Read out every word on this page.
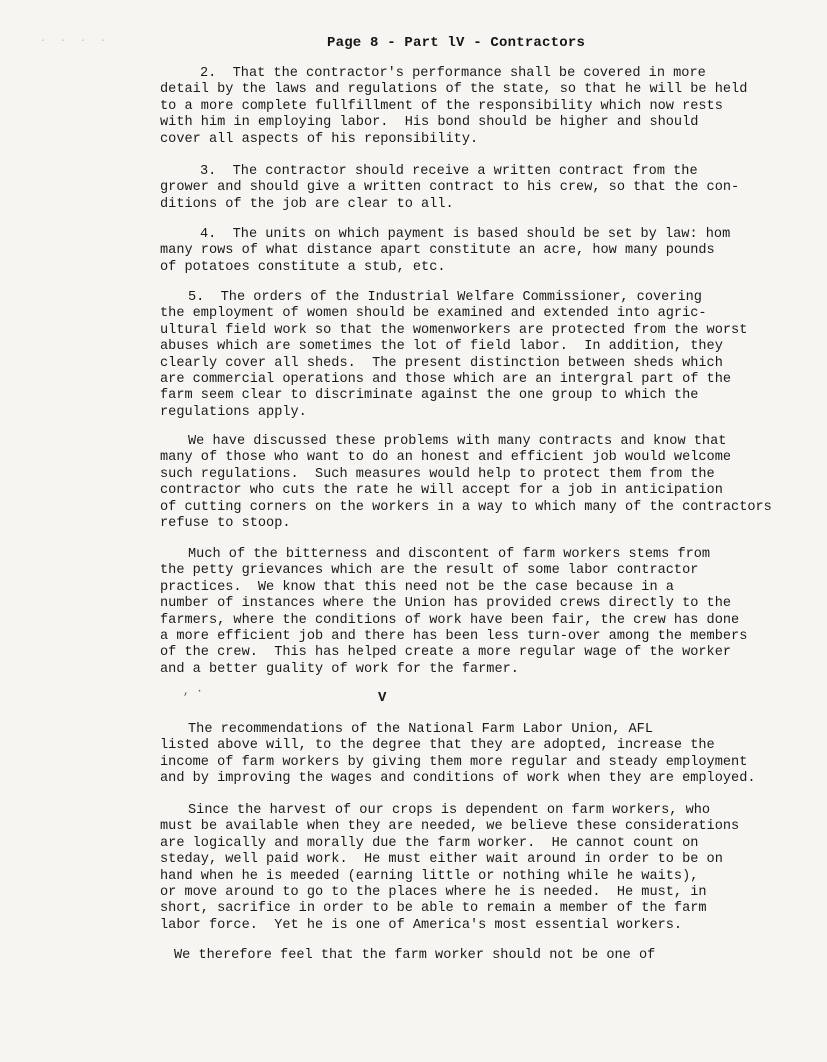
· · · ·	Page 8 - Part lV - Contractors

2.  That the contractor's performance shall be covered in more
detail by the laws and regulations of the state, so that he will be held
to a more complete fullfillment of the responsibility which now rests
with him in employing labor.  His bond should be higher and should
cover all aspects of his reponsibility.

3.  The contractor should receive a written contract from the
grower and should give a written contract to his crew, so that the con-
ditions of the job are clear to all.

4.  The units on which payment is based should be set by law: hom
many rows of what distance apart constitute an acre, how many pounds
of potatoes constitute a stub, etc.

5.  The orders of the Industrial Welfare Commissioner, covering
the employment of women should be examined and extended into agric-
ultural field work so that the womenworkers are protected from the worst
abuses which are sometimes the lot of field labor.  In addition, they
clearly cover all sheds.  The present distinction between sheds which
are commercial operations and those which are an intergral part of the
farm seem clear to discriminate against the one group to which the
regulations apply.

We have discussed these problems with many contracts and know that
many of those who want to do an honest and efficient job would welcome
such regulations.  Such measures would help to protect them from the
contractor who cuts the rate he will accept for a job in anticipation
of cutting corners on the workers in a way to which many of the contractors
refuse to stoop.

Much of the bitterness and discontent of farm workers stems from
the petty grievances which are the result of some labor contractor
practices.  We know that this need not be the case because in a
number of instances where the Union has provided crews directly to the
farmers, where the conditions of work have been fair, the crew has done
a more efficient job and there has been less turn-over among the members
of the crew.  This has helped create a more regular wage of the worker
and a better guality of work for the farmer.

, ·	V

The recommendations of the National Farm Labor Union, AFL
listed above will, to the degree that they are adopted, increase the
income of farm workers by giving them more regular and steady employment
and by improving the wages and conditions of work when they are employed.

Since the harvest of our crops is dependent on farm workers, who
must be available when they are needed, we believe these considerations
are logically and morally due the farm worker.  He cannot count on
steday, well paid work.  He must either wait around in order to be on
hand when he is meeded (earning little or nothing while he waits),
or move around to go to the places where he is needed.  He must, in
short, sacrifice in order to be able to remain a member of the farm
labor force.  Yet he is one of America's most essential workers.

We therefore feel that the farm worker should not be one of
